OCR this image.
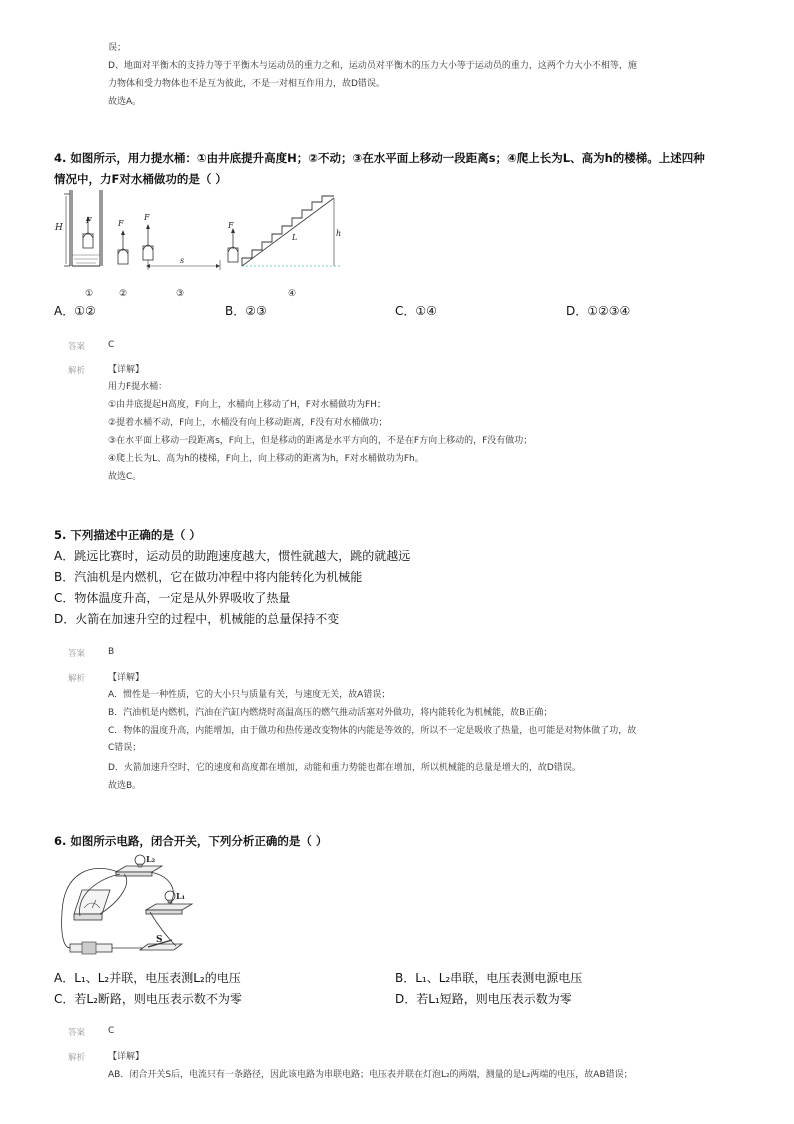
误；
D、地面对平衡木的支持力等于平衡木与运动员的重力之和，运动员对平衡木的压力大小等于运动员的重力，这两个力大小不相等，施
力物体和受力物体也不是互为彼此，不是一对相互作用力，故D错误。
故选A。
4. 如图所示，用力提水桶：①由井底提升高度H；②不动；③在水平面上移动一段距离s；④爬上长为L、高为h的楼梯。上述四种
情况中，力F对水桶做功的是（ ）
H
F	F
F
s
F
L	h
①	②	③	④
A．①②	B．②③	C．①④	D．①②③④
答案	C
解析	【详解】
用力F提水桶：
①由井底提起H高度，F向上，水桶向上移动了H，F对水桶做功为FH；
②提着水桶不动，F向上，水桶没有向上移动距离，F没有对水桶做功；
③在水平面上移动一段距离s，F向上，但是移动的距离是水平方向的，不是在F方向上移动的，F没有做功；
④爬上长为L、高为h的楼梯，F向上，向上移动的距离为h，F对水桶做功为Fh。
故选C。
5. 下列描述中正确的是（ ）
A．跳远比赛时，运动员的助跑速度越大，惯性就越大，跳的就越远
B．汽油机是内燃机，它在做功冲程中将内能转化为机械能
C．物体温度升高，一定是从外界吸收了热量
D．火箭在加速升空的过程中，机械能的总量保持不变
答案	B
解析	【详解】
A．惯性是一种性质，它的大小只与质量有关，与速度无关，故A错误；
B．汽油机是内燃机，汽油在汽缸内燃烧时高温高压的燃气推动活塞对外做功，将内能转化为机械能，故B正确；
C．物体的温度升高，内能增加，由于做功和热传递改变物体的内能是等效的，所以不一定是吸收了热量，也可能是对物体做了功，故
C错误；
D．火箭加速升空时，它的速度和高度都在增加，动能和重力势能也都在增加，所以机械能的总量是增大的，故D错误。
故选B。
6. 如图所示电路，闭合开关，下列分析正确的是（ ）
L₂
L₁
S
A．L₁、L₂并联，电压表测L₂的电压	B．L₁、L₂串联，电压表测电源电压
C．若L₂断路，则电压表示数不为零	D．若L₁短路，则电压表示数为零
答案	C
解析	【详解】
AB．闭合开关S后，电流只有一条路径，因此该电路为串联电路；电压表并联在灯泡L₂的两端，测量的是L₂两端的电压，故AB错误；
